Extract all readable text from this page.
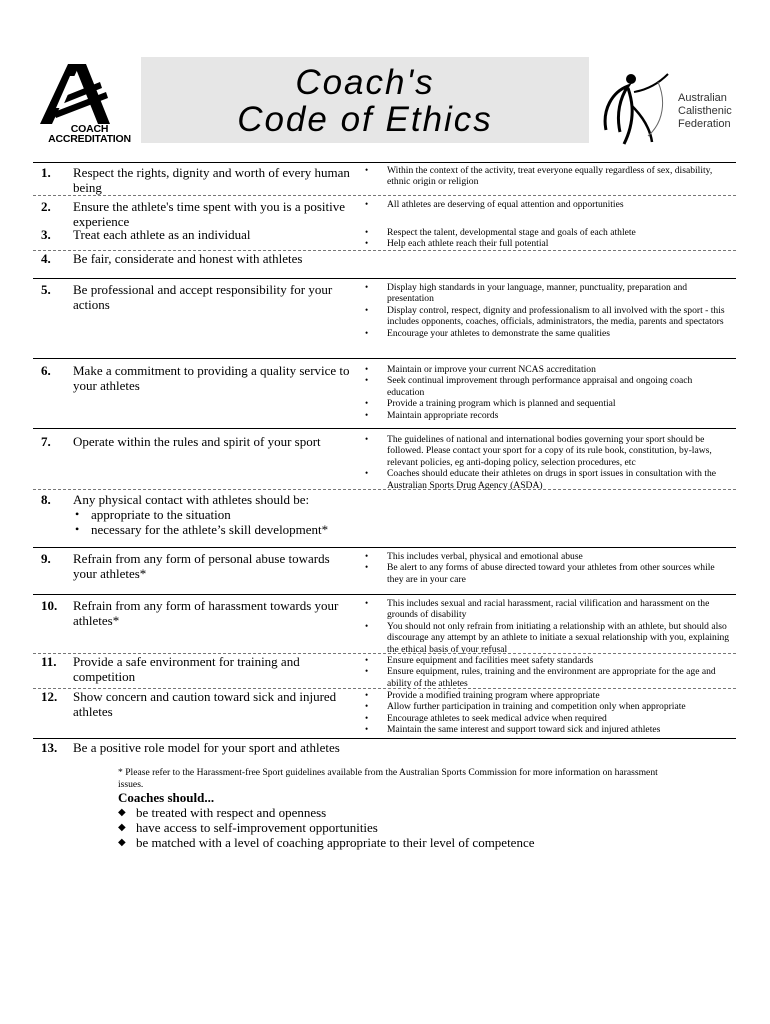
COACH
ACCREDITATION
Coach's
Code of Ethics
Australian
Calisthenic
Federation
1. Respect the rights, dignity and worth of every human being
• Within the context of the activity, treat everyone equally regardless of sex, disability, ethnic origin or religion
2. Ensure the athlete's time spent with you is a positive experience
• All athletes are deserving of equal attention and opportunities
3. Treat each athlete as an individual	• Respect the talent, developmental stage and goals of each athlete
• Help each athlete reach their full potential
4. Be fair, considerate and honest with athletes
5. Be professional and accept responsibility for your actions
• Display high standards in your language, manner, punctuality, preparation and presentation
• Display control, respect, dignity and professionalism to all involved with the sport - this includes opponents, coaches, officials, administrators, the media, parents and spectators
• Encourage your athletes to demonstrate the same qualities
6. Make a commitment to providing a quality service to your athletes
• Maintain or improve your current NCAS accreditation
• Seek continual improvement through performance appraisal and ongoing coach education
• Provide a training program which is planned and sequential
• Maintain appropriate records
7. Operate within the rules and spirit of your sport	• The guidelines of national and international bodies governing your sport should be followed. Please contact your sport for a copy of its rule book, constitution, by-laws, relevant policies, eg anti-doping policy, selection procedures, etc
• Coaches should educate their athletes on drugs in sport issues in consultation with the Australian Sports Drug Agency (ASDA)
8. Any physical contact with athletes should be:
• appropriate to the situation
• necessary for the athlete’s skill development*
9. Refrain from any form of personal abuse towards your athletes*
• This includes verbal, physical and emotional abuse
• Be alert to any forms of abuse directed toward your athletes from other sources while they are in your care
10. Refrain from any form of harassment towards your athletes*
• This includes sexual and racial harassment, racial vilification and harassment on the grounds of disability
• You should not only refrain from initiating a relationship with an athlete, but should also discourage any attempt by an athlete to initiate a sexual relationship with you, explaining the ethical basis of your refusal
11. Provide a safe environment for training and competition
• Ensure equipment and facilities meet safety standards
• Ensure equipment, rules, training and the environment are appropriate for the age and ability of the athletes
12. Show concern and caution toward sick and injured athletes
• Provide a modified training program where appropriate
• Allow further participation in training and competition only when appropriate
• Encourage athletes to seek medical advice when required
• Maintain the same interest and support toward sick and injured athletes
13. Be a positive role model for your sport and athletes
* Please refer to the Harassment-free Sport guidelines available from the Australian Sports Commission for more information on harassment issues.
Coaches should...
◆ be treated with respect and openness
◆ have access to self-improvement opportunities
◆ be matched with a level of coaching appropriate to their level of competence
